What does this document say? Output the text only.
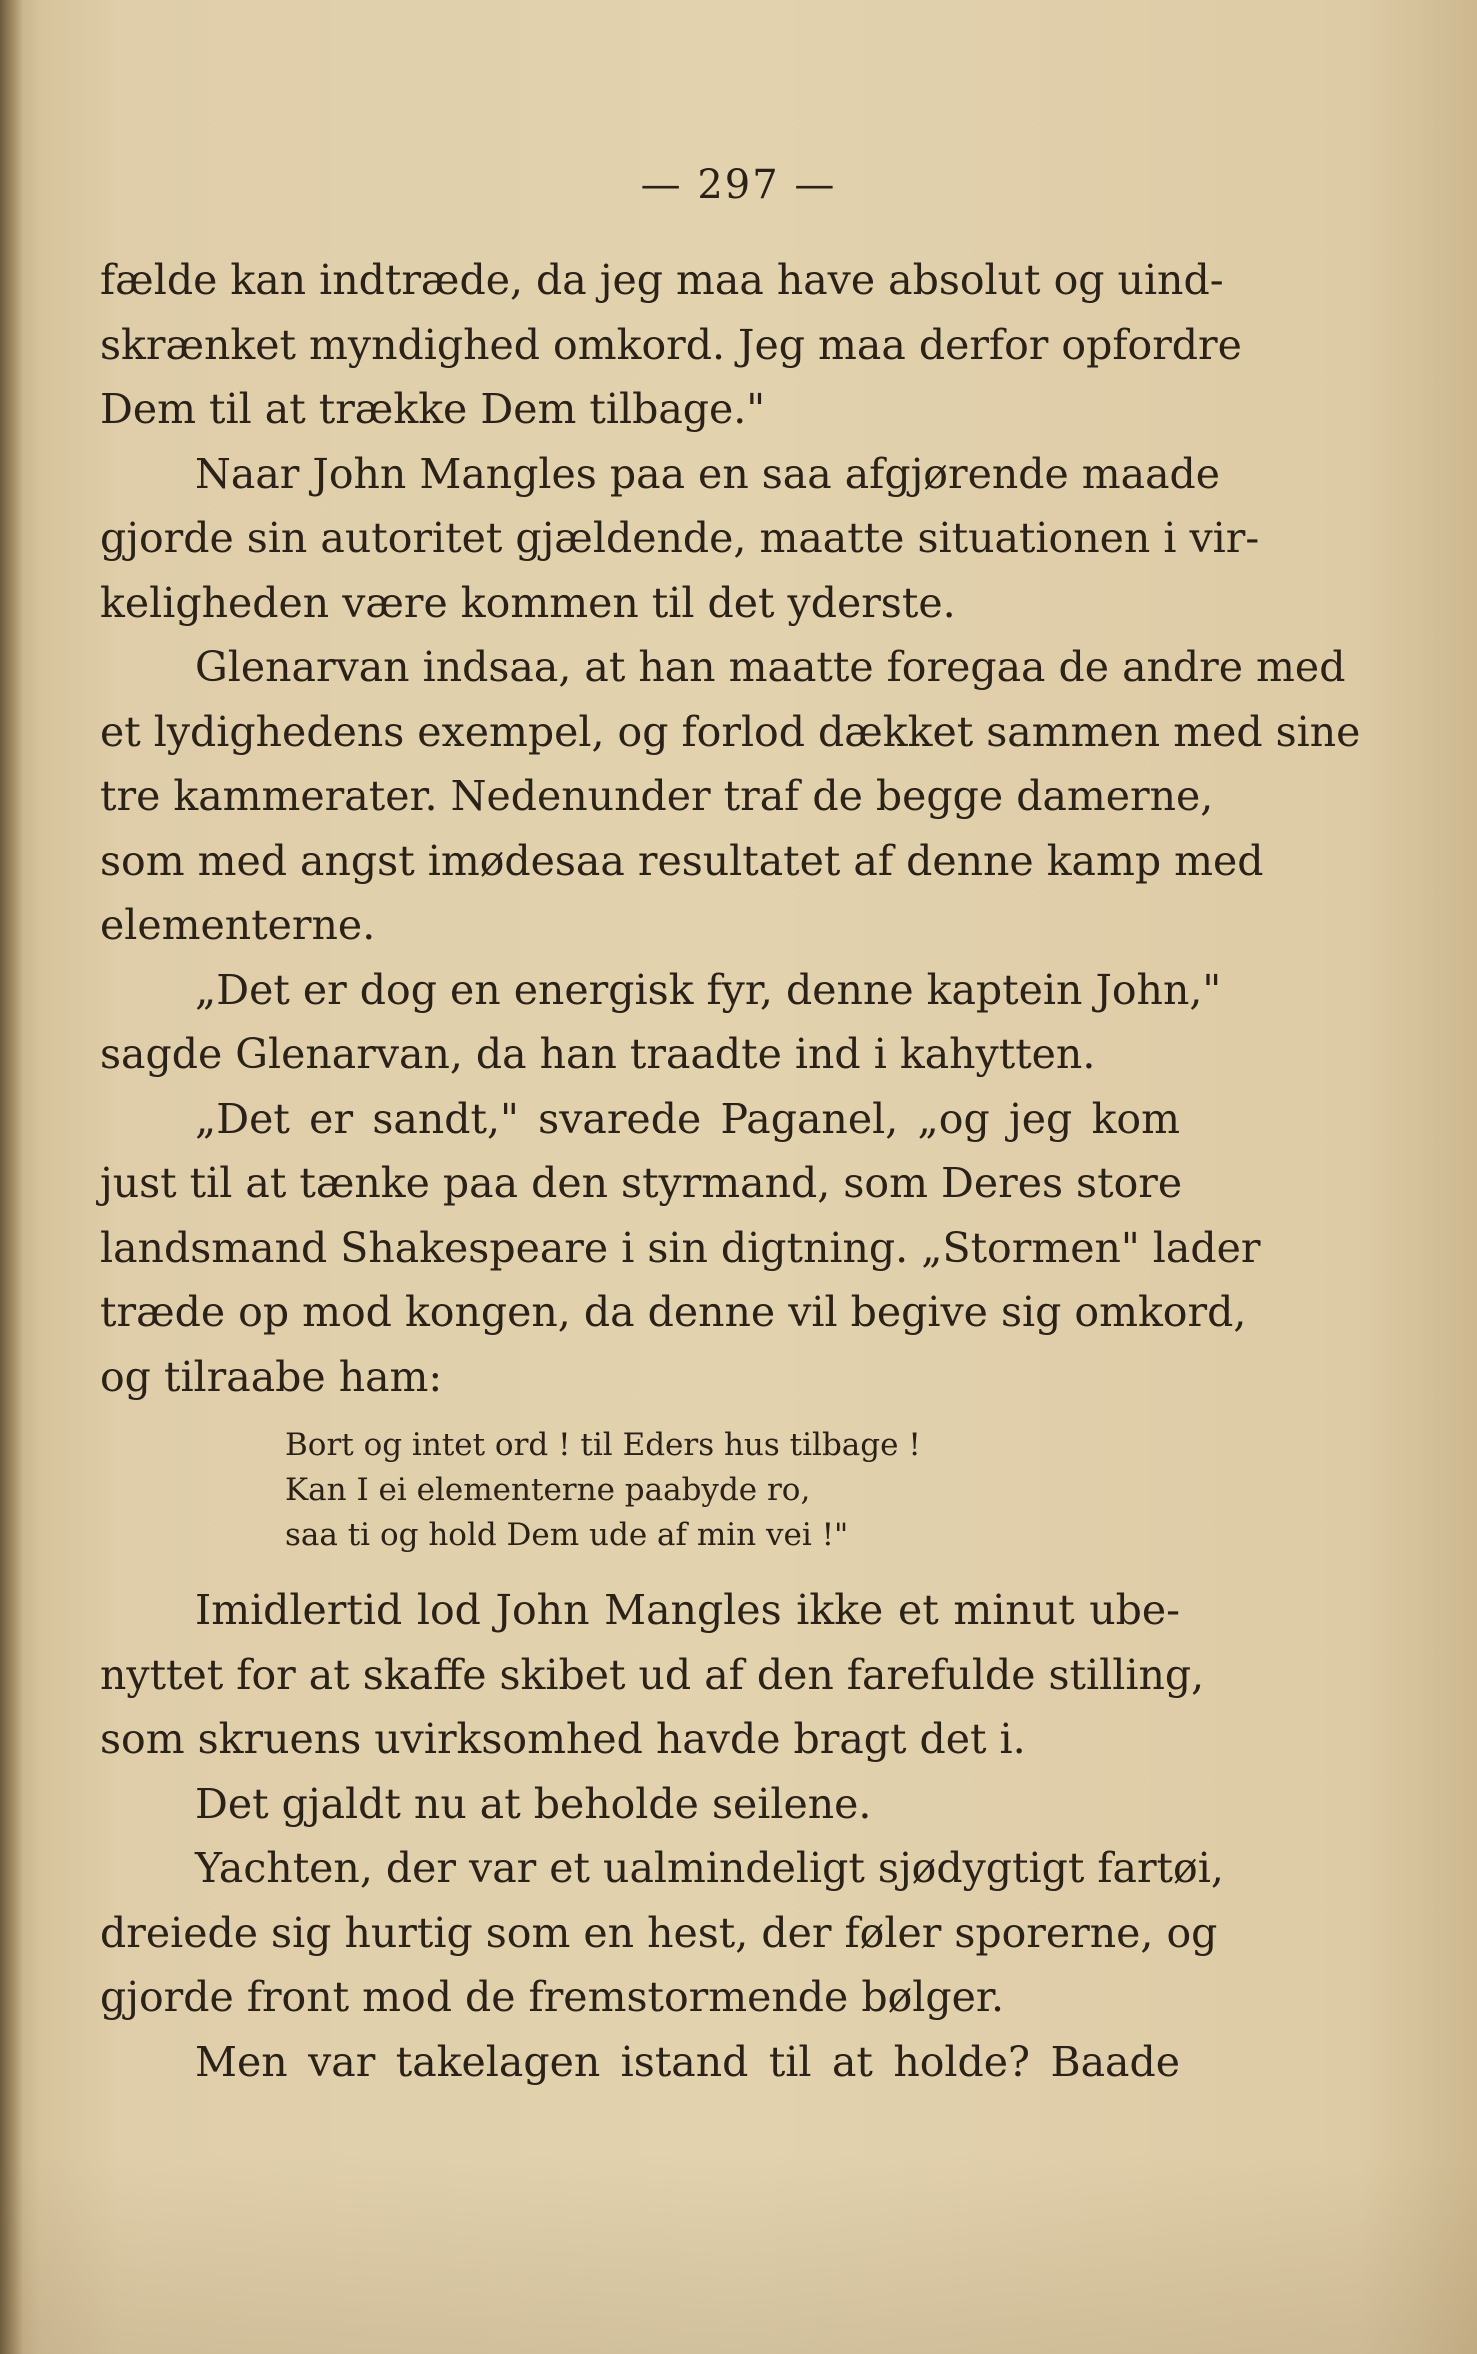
— 297 —
fælde kan indtræde, da jeg maa have absolut og uind-
skrænket myndighed omkord. Jeg maa derfor opfordre
Dem til at trække Dem tilbage."
Naar John Mangles paa en saa afgjørende maade
gjorde sin autoritet gjældende, maatte situationen i vir-
keligheden være kommen til det yderste.
Glenarvan indsaa, at han maatte foregaa de andre med
et lydighedens exempel, og forlod dækket sammen med sine
tre kammerater. Nedenunder traf de begge damerne,
som med angst imødesaa resultatet af denne kamp med
elementerne.
„Det er dog en energisk fyr, denne kaptein John,"
sagde Glenarvan, da han traadte ind i kahytten.
„Det er sandt," svarede Paganel, „og jeg kom
just til at tænke paa den styrmand, som Deres store
landsmand Shakespeare i sin digtning. „Stormen" lader
træde op mod kongen, da denne vil begive sig omkord,
og tilraabe ham:
Bort og intet ord ! til Eders hus tilbage !
Kan I ei elementerne paabyde ro,
saa ti og hold Dem ude af min vei !"
Imidlertid lod John Mangles ikke et minut ube-
nyttet for at skaffe skibet ud af den farefulde stilling,
som skruens uvirksomhed havde bragt det i.
Det gjaldt nu at beholde seilene.
Yachten, der var et ualmindeligt sjødygtigt fartøi,
dreiede sig hurtig som en hest, der føler sporerne, og
gjorde front mod de fremstormende bølger.
Men var takelagen istand til at holde? Baade
